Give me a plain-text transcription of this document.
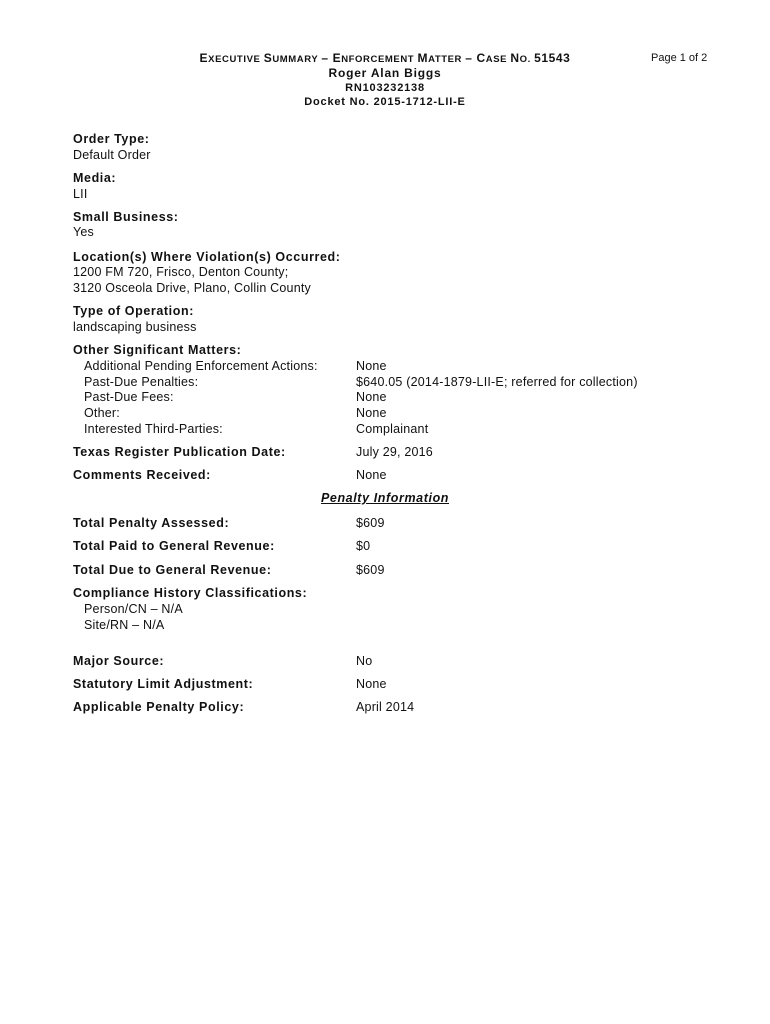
EXECUTIVE SUMMARY – ENFORCEMENT MATTER – CASE NO. 51543	Page 1 of 2
Roger Alan Biggs
RN103232138
Docket No. 2015-1712-LII-E
Order Type:
Default Order
Media:
LII
Small Business:
Yes
Location(s) Where Violation(s) Occurred:
1200 FM 720, Frisco, Denton County;
3120 Osceola Drive, Plano, Collin County
Type of Operation:
landscaping business
Other Significant Matters:
Additional Pending Enforcement Actions:	None
Past-Due Penalties:	$640.05 (2014-1879-LII-E; referred for collection)
Past-Due Fees:	None
Other:	None
Interested Third-Parties:	Complainant
Texas Register Publication Date:	July 29, 2016
Comments Received:	None
Penalty Information
Total Penalty Assessed:	$609
Total Paid to General Revenue:	$0
Total Due to General Revenue:	$609
Compliance History Classifications:
Person/CN – N/A
Site/RN – N/A
Major Source:	No
Statutory Limit Adjustment:	None
Applicable Penalty Policy:	April 2014
